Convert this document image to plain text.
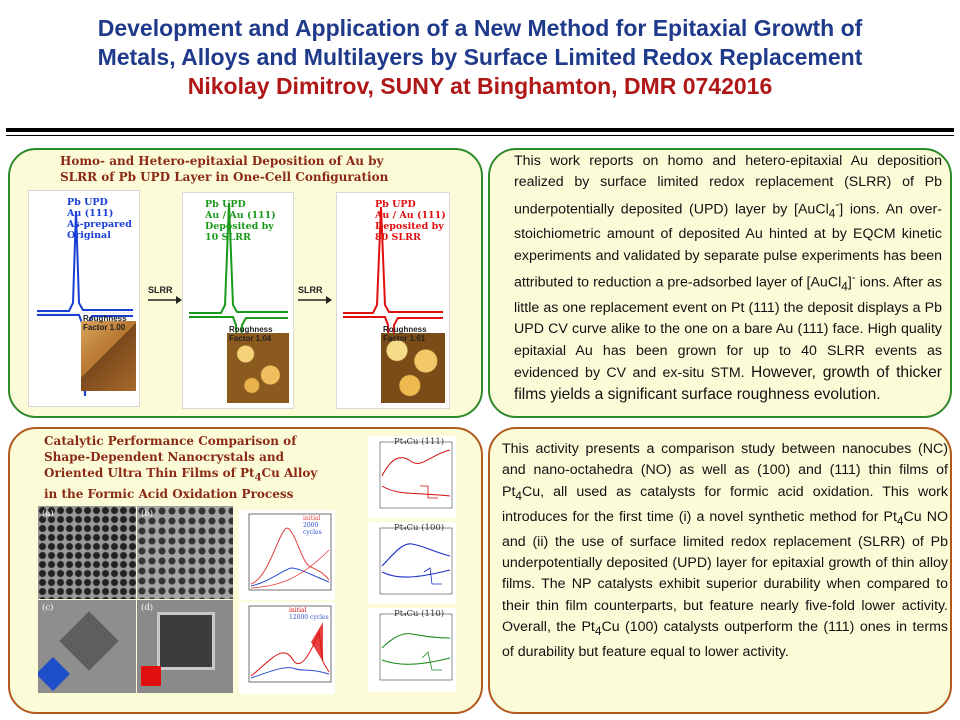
Development and Application of a New Method for Epitaxial Growth of
Metals, Alloys and Multilayers by Surface Limited Redox Replacement
Nikolay Dimitrov, SUNY at Binghamton, DMR 0742016
Homo- and Hetero-epitaxial Deposition of Au by
SLRR of Pb UPD Layer in One-Cell Configuration
Roughness Factor 1.00
Pb UPD
Au (111)
As-prepared
Original
SLRR
Roughness Factor 1.04
Pb UPD
Au / Au (111)
Deposited by
10 SLRR
SLRR
Roughness Factor 1.61
Pb UPD
Au / Au (111)
Deposited by
80 SLRR
This work reports on homo and hetero-epitaxial Au deposition realized by surface limited redox replacement (SLRR) of Pb underpotentially deposited (UPD) layer by [AuCl$_4$-] ions. An over-stoichiometric amount of deposited Au hinted at by EQCM kinetic experiments and validated by separate pulse experiments has been attributed to reduction a pre-adsorbed layer of [AuCl$_4$]- ions. After as little as one replacement event on Pt (111) the deposit displays a Pb UPD CV curve alike to the one on a bare Au (111) face. High quality epitaxial Au has been grown for up to 40 SLRR events as evidenced by CV and ex-situ STM. However, growth of thicker films yields a significant surface roughness evolution.
Catalytic Performance Comparison of
Shape-Dependent Nanocrystals and
Oriented Ultra Thin Films of $Pt_4Cu$ Alloy
in the Formic Acid Oxidation Process
(a)	(b)
(c)	(d)
initial
2000 cycles
initial
12000 cycles
Pt₄Cu (111)
Pt₄Cu (100)
Pt₄Cu (110)
This activity presents a comparison study between nanocubes (NC) and nano-octahedra (NO) as well as (100) and (111) thin films of $Pt_4Cu$, all used as catalysts for formic acid oxidation. This work introduces for the first time (i) a novel synthetic method for $Pt_4Cu$ NO and (ii) the use of surface limited redox replacement (SLRR) of Pb underpotentially deposited (UPD) layer for epitaxial growth of thin alloy films. The NP catalysts exhibit superior durability when compared to their thin film counterparts, but feature nearly five-fold lower activity. Overall, the $Pt_4Cu$ (100) catalysts outperform the (111) ones in terms of durability but feature equal to lower activity.
